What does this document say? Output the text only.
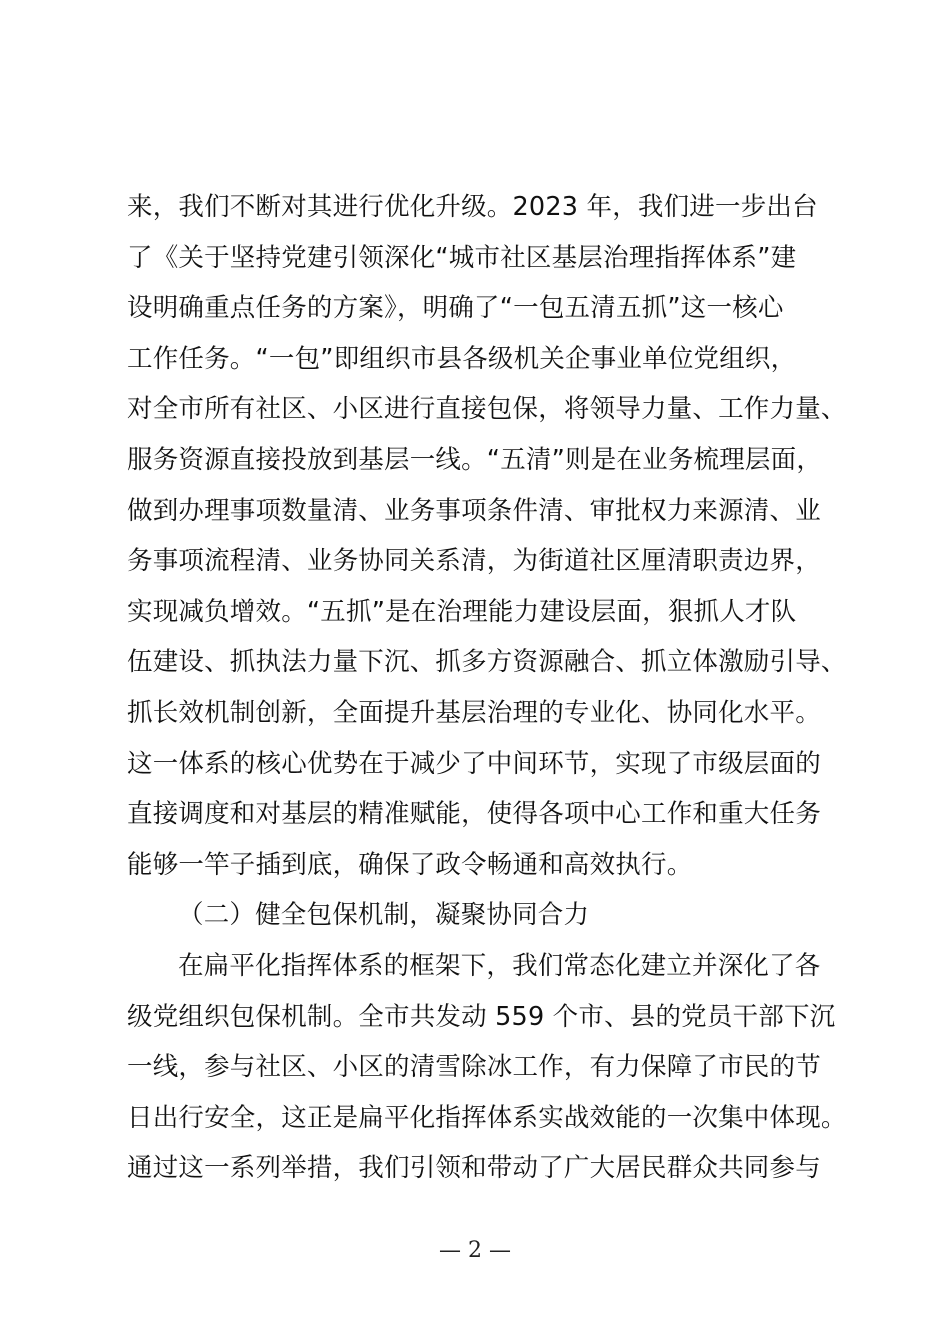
来，我们不断对其进行优化升级。2023 年，我们进一步出台
了《关于坚持党建引领深化“城市社区基层治理指挥体系”建
设明确重点任务的方案》，明确了“一包五清五抓”这一核心
工作任务。“一包”即组织市县各级机关企事业单位党组织，
对全市所有社区、小区进行直接包保，将领导力量、工作力量、
服务资源直接投放到基层一线。“五清”则是在业务梳理层面，
做到办理事项数量清、业务事项条件清、审批权力来源清、业
务事项流程清、业务协同关系清，为街道社区厘清职责边界，
实现减负增效。“五抓”是在治理能力建设层面，狠抓人才队
伍建设、抓执法力量下沉、抓多方资源融合、抓立体激励引导、
抓长效机制创新，全面提升基层治理的专业化、协同化水平。
这一体系的核心优势在于减少了中间环节，实现了市级层面的
直接调度和对基层的精准赋能，使得各项中心工作和重大任务
能够一竿子插到底，确保了政令畅通和高效执行。
（二）健全包保机制，凝聚协同合力
在扁平化指挥体系的框架下，我们常态化建立并深化了各
级党组织包保机制。全市共发动 559 个市、县的党员干部下沉
一线，参与社区、小区的清雪除冰工作，有力保障了市民的节
日出行安全，这正是扁平化指挥体系实战效能的一次集中体现。
通过这一系列举措，我们引领和带动了广大居民群众共同参与
— 2 —
